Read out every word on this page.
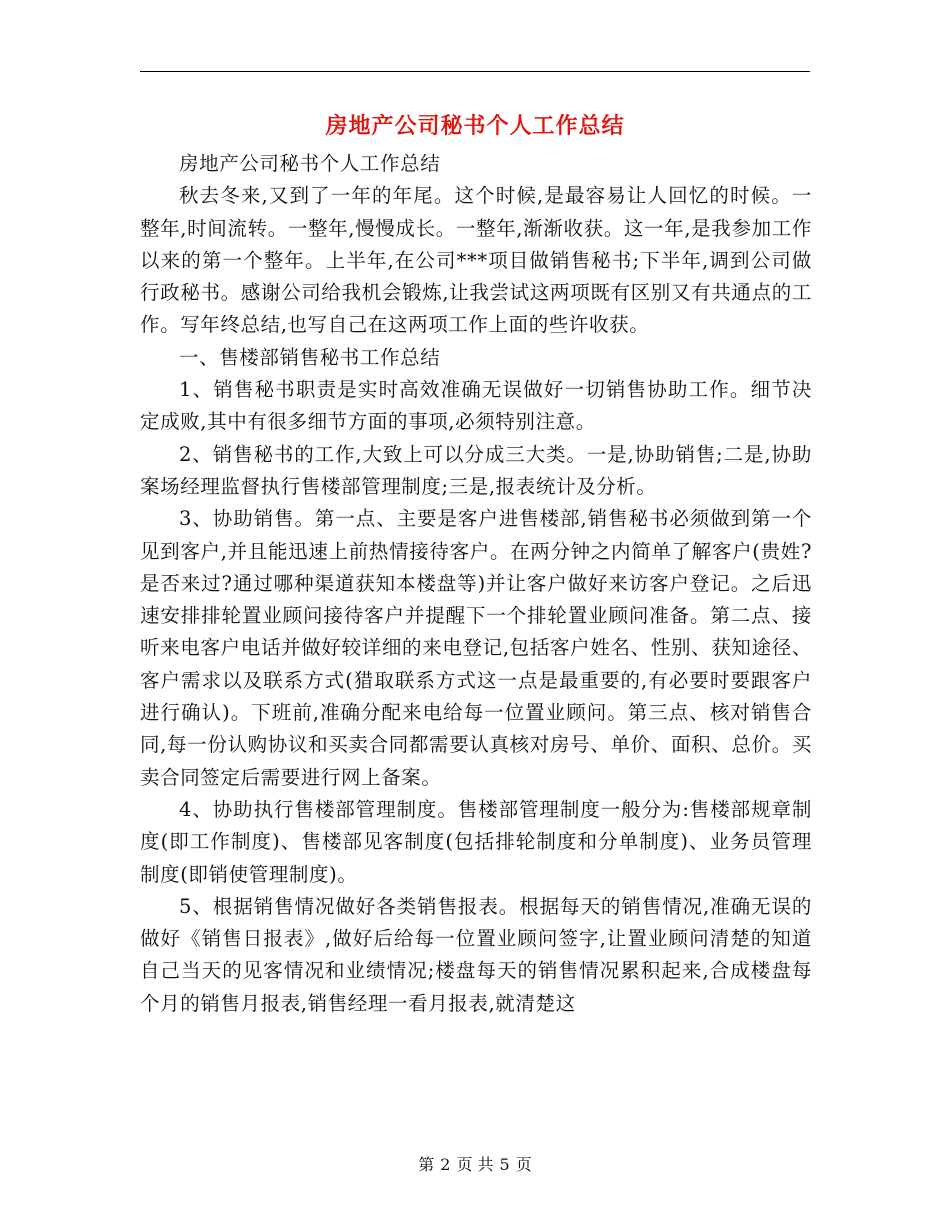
房地产公司秘书个人工作总结

房地产公司秘书个人工作总结

秋去冬来,又到了一年的年尾。这个时候,是最容易让人回忆的时候。一整年,时间流转。一整年,慢慢成长。一整年,渐渐收获。这一年,是我参加工作以来的第一个整年。上半年,在公司***项目做销售秘书;下半年,调到公司做行政秘书。感谢公司给我机会锻炼,让我尝试这两项既有区别又有共通点的工作。写年终总结,也写自己在这两项工作上面的些许收获。

一、售楼部销售秘书工作总结

1、销售秘书职责是实时高效准确无误做好一切销售协助工作。细节决定成败,其中有很多细节方面的事项,必须特别注意。

2、销售秘书的工作,大致上可以分成三大类。一是,协助销售;二是,协助案场经理监督执行售楼部管理制度;三是,报表统计及分析。

3、协助销售。第一点、主要是客户进售楼部,销售秘书必须做到第一个见到客户,并且能迅速上前热情接待客户。在两分钟之内简单了解客户(贵姓?是否来过?通过哪种渠道获知本楼盘等)并让客户做好来访客户登记。之后迅速安排排轮置业顾问接待客户并提醒下一个排轮置业顾问准备。第二点、接听来电客户电话并做好较详细的来电登记,包括客户姓名、性别、获知途径、客户需求以及联系方式(猎取联系方式这一点是最重要的,有必要时要跟客户进行确认)。下班前,准确分配来电给每一位置业顾问。第三点、核对销售合同,每一份认购协议和买卖合同都需要认真核对房号、单价、面积、总价。买卖合同签定后需要进行网上备案。

4、协助执行售楼部管理制度。售楼部管理制度一般分为:售楼部规章制度(即工作制度)、售楼部见客制度(包括排轮制度和分单制度)、业务员管理制度(即销使管理制度)。

5、根据销售情况做好各类销售报表。根据每天的销售情况,准确无误的做好《销售日报表》,做好后给每一位置业顾问签字,让置业顾问清楚的知道自己当天的见客情况和业绩情况;楼盘每天的销售情况累积起来,合成楼盘每个月的销售月报表,销售经理一看月报表,就清楚这

第 2 页 共 5 页
